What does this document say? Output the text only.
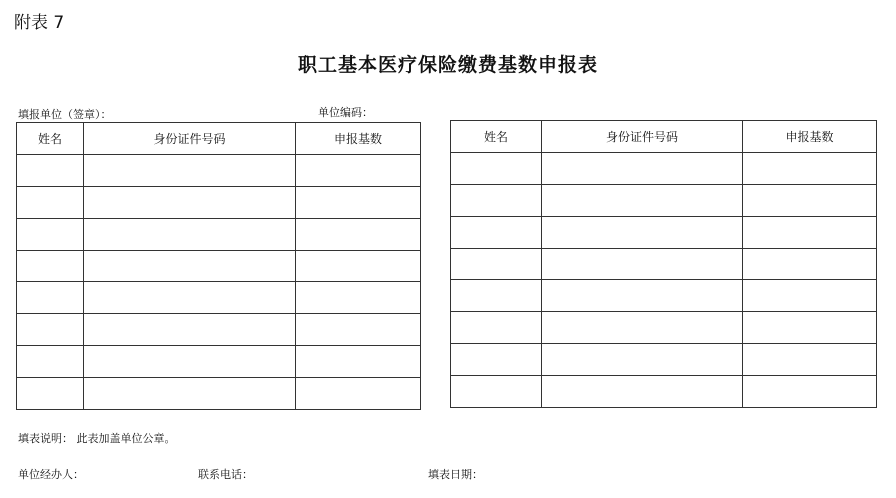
附表 7
职工基本医疗保险缴费基数申报表
填报单位（签章）：	单位编码：
姓名	身份证件号码	申报基数

			姓名	身份证件号码	申报基数

填表说明： 此表加盖单位公章。
单位经办人：	联系电话：	填表日期：
